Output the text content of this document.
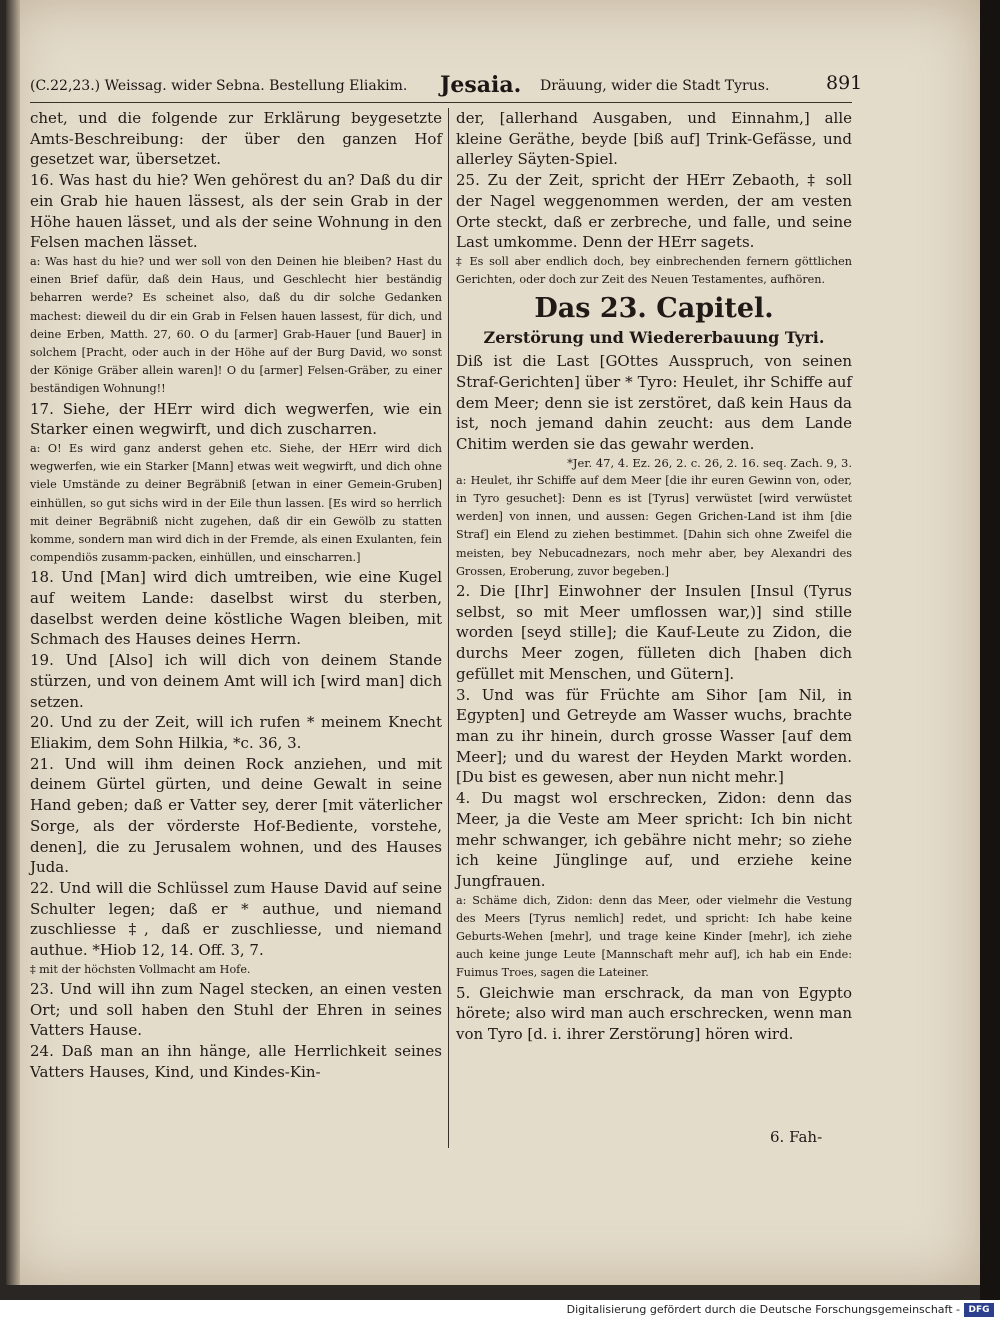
(C.22,23.) Weissag. wider Sebna. Bestellung Eliakim. Jesaia. Dräuung, wider die Stadt Tyrus.	891

chet, und die folgende zur Erklärung beygesetzte Amts-Beschreibung: der über den ganzen Hof gesetzet war, übersetzet.

16. Was hast du hie? Wen gehörest du an? Daß du dir ein Grab hie hauen lässest, als der sein Grab in der Höhe hauen lässet, und als der seine Wohnung in den Felsen machen lässet.

a: Was hast du hie? und wer soll von den Deinen hie bleiben? Hast du einen Brief dafür, daß dein Haus, und Geschlecht hier beständig beharren werde? Es scheinet also, daß du dir solche Gedanken machest: dieweil du dir ein Grab in Felsen hauen lassest, für dich, und deine Erben, Matth. 27, 60. O du [armer] Grab-Hauer [und Bauer] in solchem [Pracht, oder auch in der Höhe auf der Burg David, wo sonst der Könige Gräber allein waren]! O du [armer] Felsen-Gräber, zu einer beständigen Wohnung!!

17. Siehe, der HErr wird dich wegwerfen, wie ein Starker einen wegwirft, und dich zuscharren.

a: O! Es wird ganz anderst gehen etc. Siehe, der HErr wird dich wegwerfen, wie ein Starker [Mann] etwas weit wegwirft, und dich ohne viele Umstände zu deiner Begräbniß [etwan in einer Gemein-Gruben] einhüllen, so gut sichs wird in der Eile thun lassen. [Es wird so herrlich mit deiner Begräbniß nicht zugehen, daß dir ein Gewölb zu statten komme, sondern man wird dich in der Fremde, als einen Exulanten, fein compendiös zusamm-packen, einhüllen, und einscharren.]

18. Und [Man] wird dich umtreiben, wie eine Kugel auf weitem Lande: daselbst wirst du sterben, daselbst werden deine köstliche Wagen bleiben, mit Schmach des Hauses deines Herrn.

19. Und [Also] ich will dich von deinem Stande stürzen, und von deinem Amt will ich [wird man] dich setzen.

20. Und zu der Zeit, will ich rufen * meinem Knecht Eliakim, dem Sohn Hilkia, *c. 36, 3.

21. Und will ihm deinen Rock anziehen, und mit deinem Gürtel gürten, und deine Gewalt in seine Hand geben; daß er Vatter sey, derer [mit väterlicher Sorge, als der vörderste Hof-Bediente, vorstehe, denen], die zu Jerusalem wohnen, und des Hauses Juda.

22. Und will die Schlüssel zum Hause David auf seine Schulter legen; daß er * authue, und niemand zuschliesse ‡, daß er zuschliesse, und niemand authue. *Hiob 12, 14. Off. 3, 7.

‡ mit der höchsten Vollmacht am Hofe.

23. Und will ihn zum Nagel stecken, an einen vesten Ort; und soll haben den Stuhl der Ehren in seines Vatters Hause.

24. Daß man an ihn hänge, alle Herrlichkeit seines Vatters Hauses, Kind, und Kindes-Kin-

der, [allerhand Ausgaben, und Einnahm,] alle kleine Geräthe, beyde [biß auf] Trink-Gefässe, und allerley Säyten-Spiel.

25. Zu der Zeit, spricht der HErr Zebaoth, ‡ soll der Nagel weggenommen werden, der am vesten Orte steckt, daß er zerbreche, und falle, und seine Last umkomme. Denn der HErr sagets.

‡ Es soll aber endlich doch, bey einbrechenden fernern göttlichen Gerichten, oder doch zur Zeit des Neuen Testamentes, aufhören.

Das 23. Capitel.
Zerstörung und Wiedererbauung Tyri.

Diß ist die Last [GOttes Ausspruch, von seinen Straf-Gerichten] über * Tyro: Heulet, ihr Schiffe auf dem Meer; denn sie ist zerstöret, daß kein Haus da ist, noch jemand dahin zeucht: aus dem Lande Chitim werden sie das gewahr werden.

*Jer. 47, 4. Ez. 26, 2. c. 26, 2. 16. seq. Zach. 9, 3.

a: Heulet, ihr Schiffe auf dem Meer [die ihr euren Gewinn von, oder, in Tyro gesuchet]: Denn es ist [Tyrus] verwüstet [wird verwüstet werden] von innen, und aussen: Gegen Grichen-Land ist ihm [die Straf] ein Elend zu ziehen bestimmet. [Dahin sich ohne Zweifel die meisten, bey Nebucadnezars, noch mehr aber, bey Alexandri des Grossen, Eroberung, zuvor begeben.]

2. Die [Ihr] Einwohner der Insulen [Insul (Tyrus selbst, so mit Meer umflossen war,)] sind stille worden [seyd stille]; die Kauf-Leute zu Zidon, die durchs Meer zogen, fülleten dich [haben dich gefüllet mit Menschen, und Gütern].

3. Und was für Früchte am Sihor [am Nil, in Egypten] und Getreyde am Wasser wuchs, brachte man zu ihr hinein, durch grosse Wasser [auf dem Meer]; und du warest der Heyden Markt worden. [Du bist es gewesen, aber nun nicht mehr.]

4. Du magst wol erschrecken, Zidon: denn das Meer, ja die Veste am Meer spricht: Ich bin nicht mehr schwanger, ich gebähre nicht mehr; so ziehe ich keine Jünglinge auf, und erziehe keine Jungfrauen.

a: Schäme dich, Zidon: denn das Meer, oder vielmehr die Vestung des Meers [Tyrus nemlich] redet, und spricht: Ich habe keine Geburts-Wehen [mehr], und trage keine Kinder [mehr], ich ziehe auch keine junge Leute [Mannschaft mehr auf], ich hab ein Ende: Fuimus Troes, sagen die Lateiner.

5. Gleichwie man erschrack, da man von Egypto hörete; also wird man auch erschrecken, wenn man von Tyro [d. i. ihrer Zerstörung] hören wird.

6. Fah-
Digitalisierung gefördert durch die Deutsche Forschungsgemeinschaft - DFG
